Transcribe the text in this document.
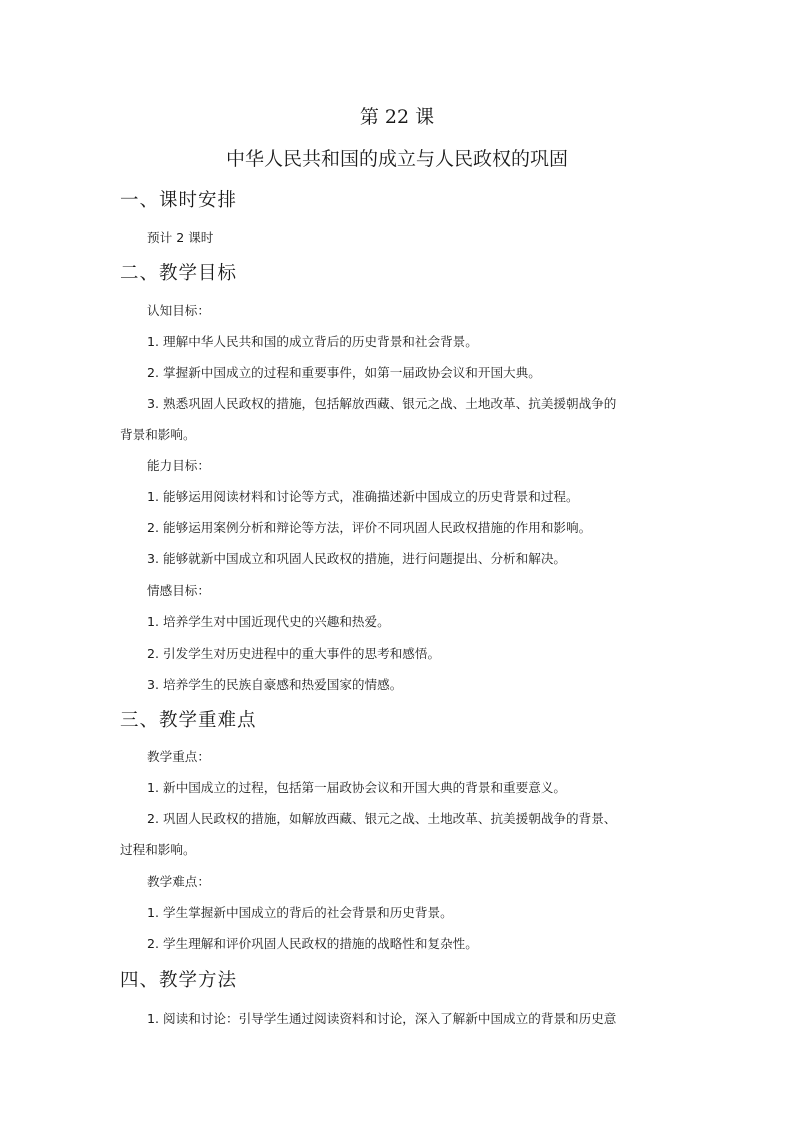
第 22 课
中华人民共和国的成立与人民政权的巩固
一、课时安排
预计 2 课时
二、教学目标
认知目标：
1. 理解中华人民共和国的成立背后的历史背景和社会背景。
2. 掌握新中国成立的过程和重要事件，如第一届政协会议和开国大典。
3. 熟悉巩固人民政权的措施，包括解放西藏、银元之战、土地改革、抗美援朝战争的
背景和影响。
能力目标：
1. 能够运用阅读材料和讨论等方式，准确描述新中国成立的历史背景和过程。
2. 能够运用案例分析和辩论等方法，评价不同巩固人民政权措施的作用和影响。
3. 能够就新中国成立和巩固人民政权的措施，进行问题提出、分析和解决。
情感目标：
1. 培养学生对中国近现代史的兴趣和热爱。
2. 引发学生对历史进程中的重大事件的思考和感悟。
3. 培养学生的民族自豪感和热爱国家的情感。
三、教学重难点
教学重点：
1. 新中国成立的过程，包括第一届政协会议和开国大典的背景和重要意义。
2. 巩固人民政权的措施，如解放西藏、银元之战、土地改革、抗美援朝战争的背景、
过程和影响。
教学难点：
1. 学生掌握新中国成立的背后的社会背景和历史背景。
2. 学生理解和评价巩固人民政权的措施的战略性和复杂性。
四、教学方法
1. 阅读和讨论：引导学生通过阅读资料和讨论，深入了解新中国成立的背景和历史意
